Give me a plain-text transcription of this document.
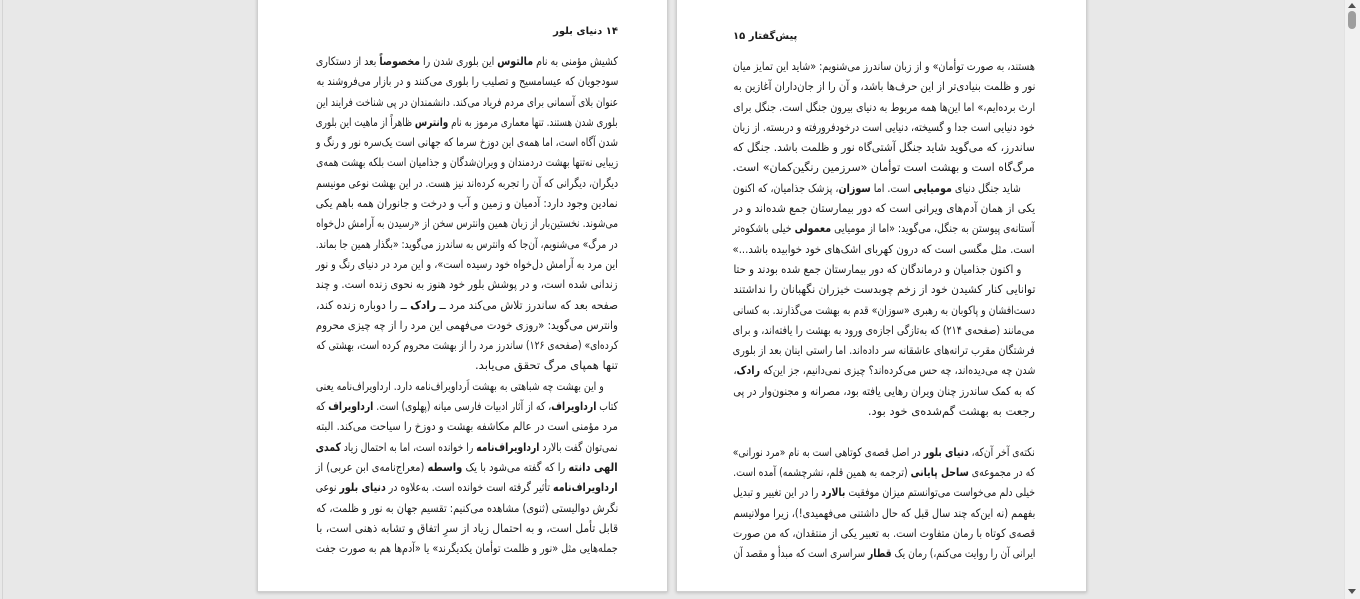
۱۴ دنیای بلور
کشیش مؤمنی به نام مالتوس این بلوری شدن را مخصوصاً بعد از دستکاری
سودجویان که عیسامسیح و تصلیب را بلوری می‌کنند و در بازار می‌فروشند به
عنوان بلای آسمانی برای مردم فریاد می‌کند. دانشمندان در پی شناخت فرایند این
بلوری شدن هستند. تنها معماری مرموز به نام وانترس ظاهراً از ماهیت این بلوری
شدن آگاه است، اما همه‌ی این دوزخ سرما که جهانی است یک‌سره نور و رنگ و
زیبایی نه‌تنها بهشت دردمندان و ویران‌شدگان و جذامیان است بلکه بهشت همه‌ی
دیگران، دیگرانی که آن را تجربه کرده‌اند نیز هست. در این بهشت نوعی مونیسم
نمادین وجود دارد: آدمیان و زمین و آب و درخت و جانوران همه باهم یکی
می‌شوند. نخستین‌بار از زبان همین وانترس سخن از «رسیدن به آرامش دل‌خواه
در مرگ» می‌شنویم، آن‌جا که وانترس به ساندرز می‌گوید: «بگذار همین جا بماند.
این مرد به آرامش دل‌خواه خود رسیده است»، و این مرد در دنیای رنگ و نور
زندانی شده است، و در پوشش بلور خود هنوز به نحوی زنده است. و چند
صفحه بعد که ساندرز تلاش می‌کند مرد ــ رادک ــ را دوباره زنده کند،
وانترس می‌گوید: «روزی خودت می‌فهمی این مرد را از چه چیزی محروم
کرده‌ای» (صفحه‌ی ۱۲۶) ساندرز مرد را از بهشت محروم کرده است، بهشتی که
تنها همپای مرگ تحقق می‌یابد.
و این بهشت چه شباهتی به بهشت اَرداویراف‌نامه دارد. ارداویراف‌نامه یعنی
کتاب ارداویراف، که از آثار ادبیات فارسی میانه (پهلوی) است. ارداویراف که
مرد مؤمنی است در عالم مکاشفه بهشت و دوزخ را سیاحت می‌کند. البته
نمی‌توان گفت بالارد ارداویراف‌نامه را خوانده است، اما به احتمال زیاد کمدی
الهی دانته را که گفته می‌شود با یک واسطه (معراج‌نامه‌ی ابن عربی) از
ارداویراف‌نامه تأثیر گرفته است خوانده است. به‌علاوه در دنیای بلور نوعی
نگرش دوالیستی (ثنوی) مشاهده می‌کنیم: تقسیم جهان به نور و ظلمت، که
قابل تأمل است، و به احتمال زیاد از سرِ اتفاق و تشابه ذهنی است، با
جمله‌هایی مثل «نور و ظلمت توأمان یکدیگرند» یا «آدم‌ها هم به صورت جفت
پیش‌گفتار ۱۵
هستند، به صورت توأمان» و از زبان ساندرز می‌شنویم: «شاید این تمایز میان
نور و ظلمت بنیادی‌تر از این حرف‌ها باشد، و آن را از جان‌داران آغازین به
ارث برده‌ایم،» اما این‌ها همه مربوط به دنیای بیرون جنگل است. جنگل برای
خود دنیایی است جدا و گسیخته، دنیایی است درخودفرورفته و دربسته. از زبان
ساندرز، که می‌گوید شاید جنگل آشتی‌گاه نور و ظلمت باشد. جنگل که
مرگ‌گاه است و بهشت است توأمان «سرزمین رنگین‌کمان» است.
شاید جنگل دنیای مومیایی است. اما سوزان، پزشک جذامیان، که اکنون
یکی از همان آدم‌های ویرانی است که دور بیمارستان جمع شده‌اند و در
آستانه‌ی پیوستن به جنگل، می‌گوید: «اما از مومیایی معمولی خیلی باشکوه‌تر
است. مثل مگسی است که درون کهربای اشک‌های خود خوابیده باشد...»
و اکنون جذامیان و درماندگان که دور بیمارستان جمع شده بودند و حتا
توانایی کنار کشیدن خود از زخم چوبدست خیزران نگهبانان را نداشتند
دست‌افشان و پاکوبان به رهبری «سوزان» قدم به بهشت می‌گذارند. به کسانی
می‌مانند (صفحه‌ی ۲۱۴) که به‌تازگی اجازه‌ی ورود به بهشت را یافته‌اند، و برای
فرشتگان مقرب ترانه‌های عاشقانه سر داده‌اند. اما راستی اینان بعد از بلوری
شدن چه می‌دیده‌اند، چه حس می‌کرده‌اند؟ چیزی نمی‌دانیم، جز این‌که رادک،
که به کمک ساندرز چنان ویران رهایی یافته بود، مصرانه و مجنون‌وار در پی
رجعت به بهشت گم‌شده‌ی خود بود.
نکته‌ی آخر آن‌که، دنیای بلور در اصل قصه‌ی کوتاهی است به نام «مرد نورانی»
که در مجموعه‌ی ساحل پایانی (ترجمه به همین قلم، نشرچشمه) آمده است.
خیلی دلم می‌خواست می‌توانستم میزان موفقیت بالارد را در این تغییر و تبدیل
بفهمم (نه این‌که چند سال قبل که حال داشتنی می‌فهمیدی!)، زیرا مولانیسم
قصه‌ی کوتاه با رمان متفاوت است. به تعبیر یکی از منتقدان، که من صورت
ایرانی آن را روایت می‌کنم،) رمان یک قطار سراسری است که مبدأ و مقصد آن
